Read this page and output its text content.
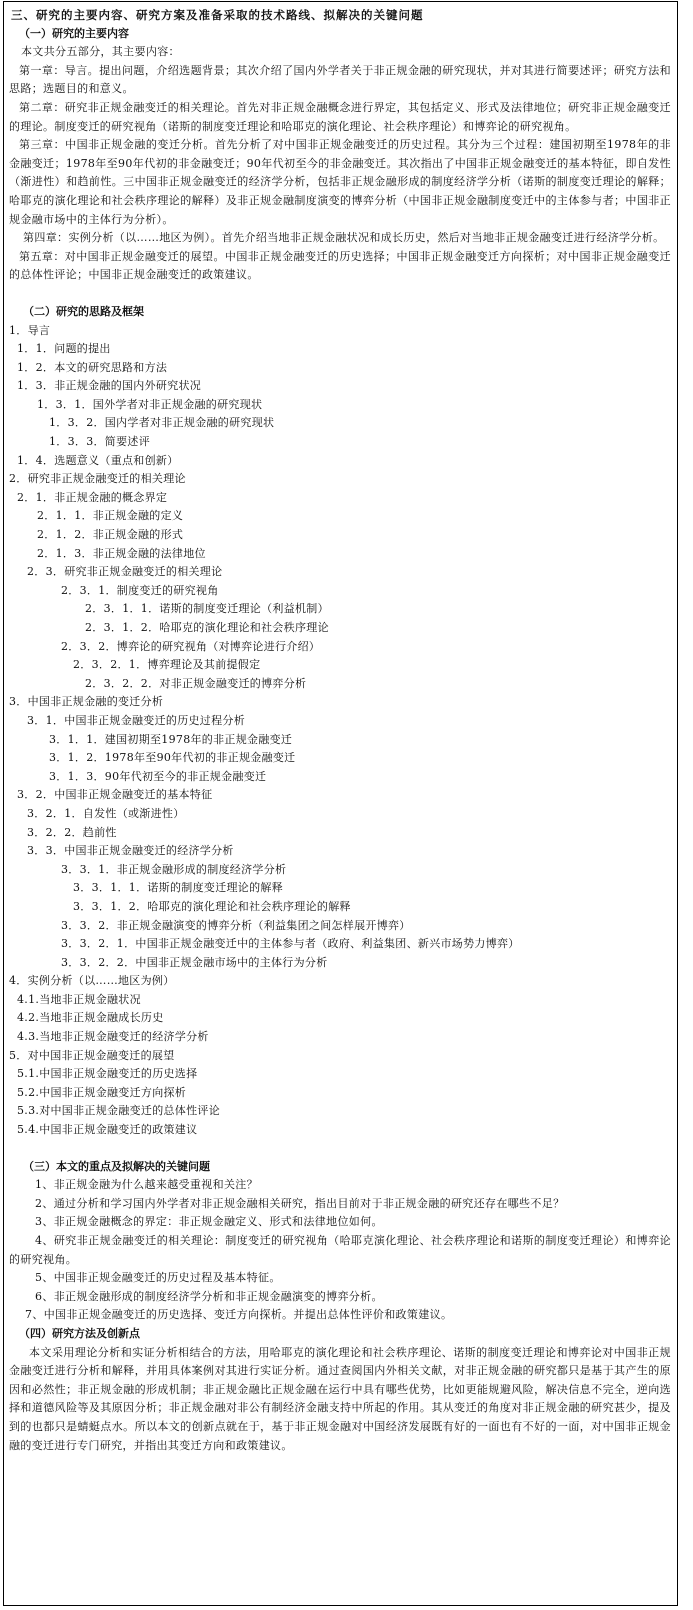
三、研究的主要内容、研究方案及准备采取的技术路线、拟解决的关键问题
（一）研究的主要内容

本文共分五部分，其主要内容：

第一章：导言。提出问题，介绍选题背景；其次介绍了国内外学者关于非正规金融的研究现状，并对其进行简要述评；研究方法和思路；选题目的和意义。

第二章：研究非正规金融变迁的相关理论。首先对非正规金融概念进行界定，其包括定义、形式及法律地位；研究非正规金融变迁的理论。制度变迁的研究视角（诺斯的制度变迁理论和哈耶克的演化理论、社会秩序理论）和博弈论的研究视角。

第三章：中国非正规金融的变迁分析。首先分析了对中国非正规金融变迁的历史过程。其分为三个过程：建国初期至1978年的非金融变迁；1978年至90年代初的非金融变迁；90年代初至今的非金融变迁。其次指出了中国非正规金融变迁的基本特征，即自发性（渐进性）和趋前性。三中国非正规金融变迁的经济学分析，包括非正规金融形成的制度经济学分析（诺斯的制度变迁理论的解释；哈耶克的演化理论和社会秩序理论的解释）及非正规金融制度演变的博弈分析（中国非正规金融制度变迁中的主体参与者；中国非正规金融市场中的主体行为分析）。

第四章：实例分析（以……地区为例）。首先介绍当地非正规金融状况和成长历史，然后对当地非正规金融变迁进行经济学分析。

第五章：对中国非正规金融变迁的展望。中国非正规金融变迁的历史选择；中国非正规金融变迁方向探析；对中国非正规金融变迁的总体性评论；中国非正规金融变迁的政策建议。

（二）研究的思路及框架
1．导言
1．1．问题的提出
1．2．本文的研究思路和方法
1．3．非正规金融的国内外研究状况
1．3．1．国外学者对非正规金融的研究现状
1．3．2．国内学者对非正规金融的研究现状
1．3．3．简要述评
1．4．选题意义（重点和创新）
2．研究非正规金融变迁的相关理论
2．1．非正规金融的概念界定
2．1．1．非正规金融的定义
2．1．2．非正规金融的形式
2．1．3．非正规金融的法律地位
2．3．研究非正规金融变迁的相关理论
2．3．1．制度变迁的研究视角
2．3．1．1．诺斯的制度变迁理论（利益机制）
2．3．1．2．哈耶克的演化理论和社会秩序理论
2．3．2．博弈论的研究视角（对博弈论进行介绍）
2．3．2．1．博弈理论及其前提假定
2．3．2．2．对非正规金融变迁的博弈分析
3．中国非正规金融的变迁分析
3．1．中国非正规金融变迁的历史过程分析
3．1．1．建国初期至1978年的非正规金融变迁
3．1．2．1978年至90年代初的非正规金融变迁
3．1．3．90年代初至今的非正规金融变迁
3．2．中国非正规金融变迁的基本特征
3．2．1．自发性（或渐进性）
3．2．2．趋前性
3．3．中国非正规金融变迁的经济学分析
3．3．1．非正规金融形成的制度经济学分析
3．3．1．1．诺斯的制度变迁理论的解释
3．3．1．2．哈耶克的演化理论和社会秩序理论的解释
3．3．2．非正规金融演变的博弈分析（利益集团之间怎样展开博弈）
3．3．2．1．中国非正规金融变迁中的主体参与者（政府、利益集团、新兴市场势力博弈）
3．3．2．2．中国非正规金融市场中的主体行为分析
4．实例分析（以……地区为例）
4.1.当地非正规金融状况
4.2.当地非正规金融成长历史
4.3.当地非正规金融变迁的经济学分析
5．对中国非正规金融变迁的展望
5.1.中国非正规金融变迁的历史选择
5.2.中国非正规金融变迁方向探析
5.3.对中国非正规金融变迁的总体性评论
5.4.中国非正规金融变迁的政策建议
（三）本文的重点及拟解决的关键问题

1、非正规金融为什么越来越受重视和关注？

2、通过分析和学习国内外学者对非正规金融相关研究，指出目前对于非正规金融的研究还存在哪些不足？

3、非正规金融概念的界定：非正规金融定义、形式和法律地位如何。

4、研究非正规金融变迁的相关理论：制度变迁的研究视角（哈耶克演化理论、社会秩序理论和诺斯的制度变迁理论）和博弈论的研究视角。

5、中国非正规金融变迁的历史过程及基本特征。

6、非正规金融形成的制度经济学分析和非正规金融演变的博弈分析。

7、中国非正规金融变迁的历史选择、变迁方向探析。并提出总体性评价和政策建议。

（四）研究方法及创新点

本文采用理论分析和实证分析相结合的方法，用哈耶克的演化理论和社会秩序理论、诺斯的制度变迁理论和博弈论对中国非正规金融变迁进行分析和解释，并用具体案例对其进行实证分析。通过查阅国内外相关文献，对非正规金融的研究都只是基于其产生的原因和必然性；非正规金融的形成机制；非正规金融比正规金融在运行中具有哪些优势，比如更能规避风险，解决信息不完全，逆向选择和道德风险等及其原因分析；非正规金融对非公有制经济金融支持中所起的作用。其从变迁的角度对非正规金融的研究甚少，提及到的也都只是蜻蜓点水。所以本文的创新点就在于，基于非正规金融对中国经济发展既有好的一面也有不好的一面，对中国非正规金融的变迁进行专门研究，并指出其变迁方向和政策建议。
